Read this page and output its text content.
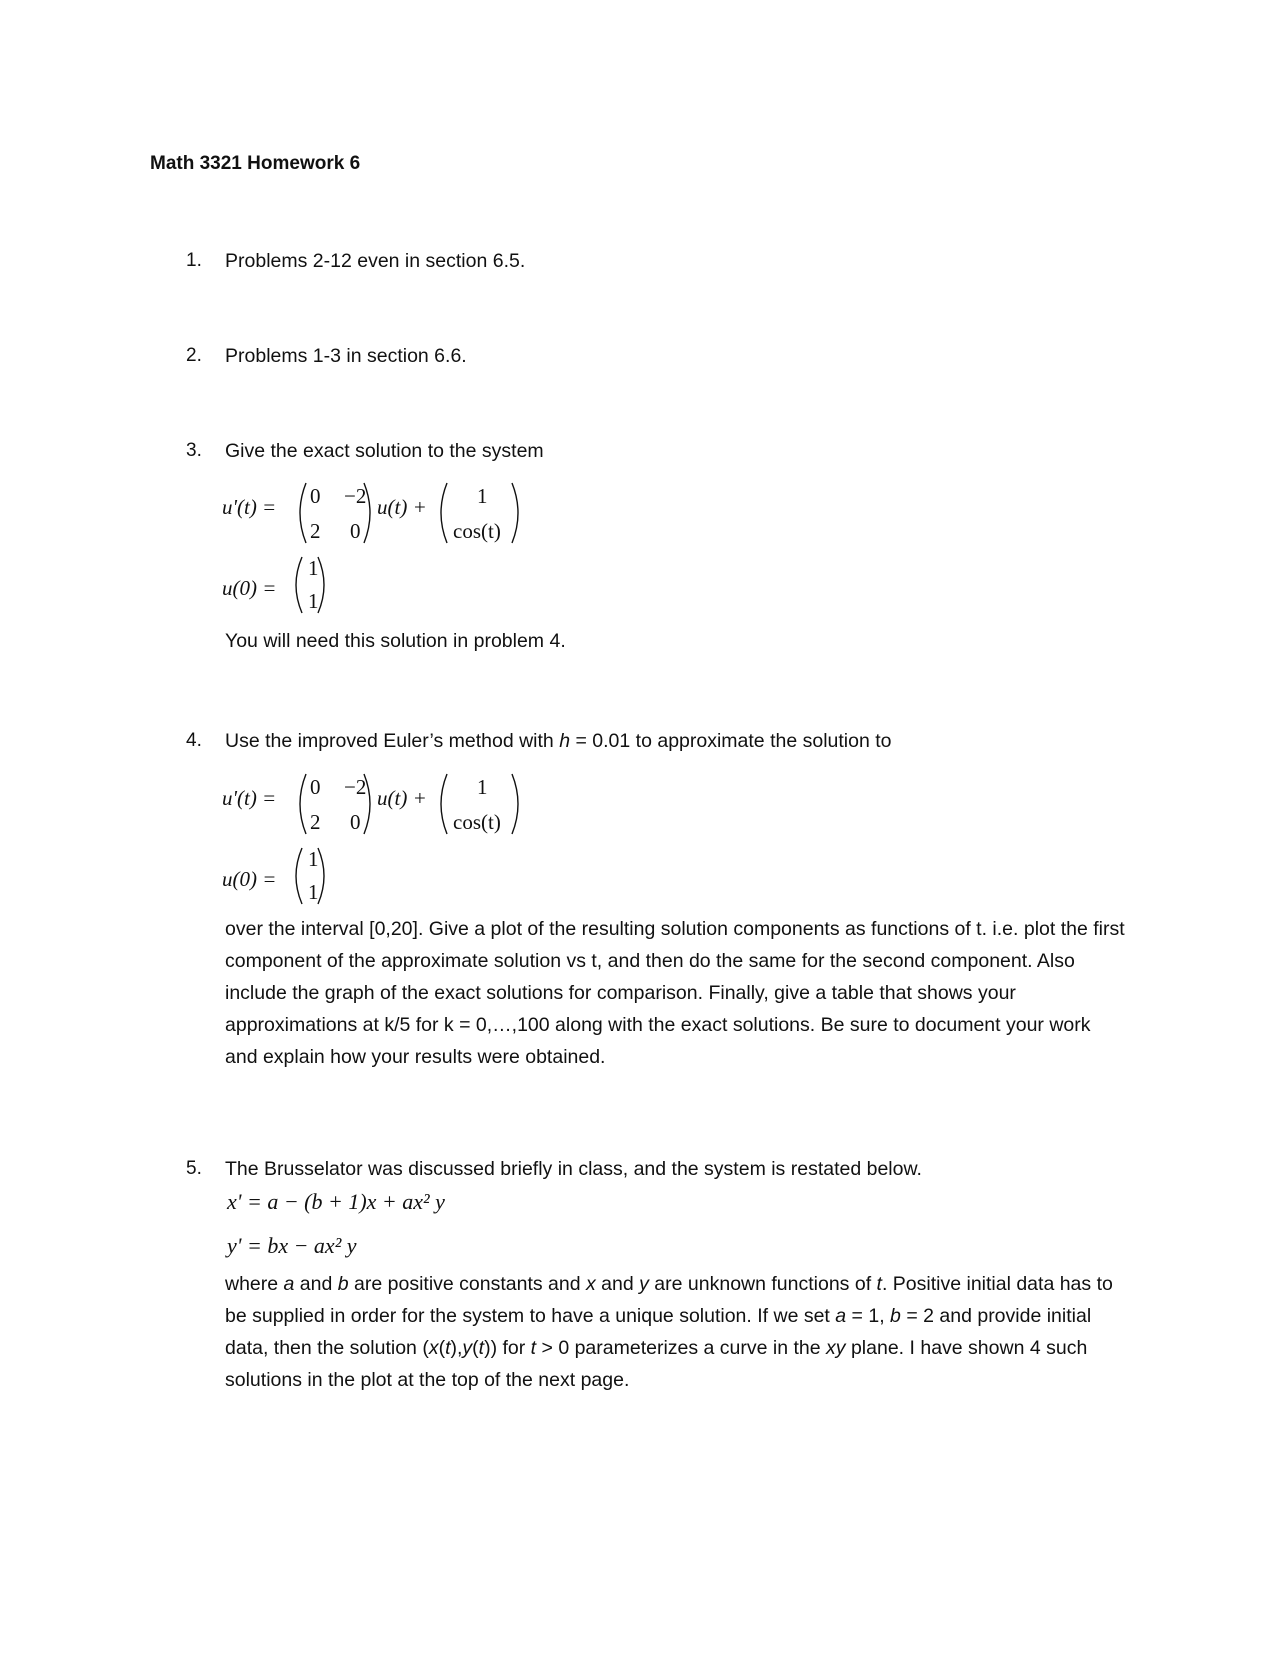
Math 3321 Homework 6
1. Problems 2-12 even in section 6.5.
2. Problems 1-3 in section 6.6.
3. Give the exact solution to the system
u'(t) = 0 −2
2 0
u(t) + 1
cos(t)
u(0) =
1
1
You will need this solution in problem 4.
4. Use the improved Euler’s method with h = 0.01 to approximate the solution to
u'(t) = 0 −2
2 0
u(t) + 1
cos(t)
u(0) =
1
1
over the interval [0,20]. Give a plot of the resulting solution components as functions of t. i.e. plot the first component of the approximate solution vs t, and then do the same for the second component. Also include the graph of the exact solutions for comparison. Finally, give a table that shows your approximations at k/5 for k = 0,…,100 along with the exact solutions. Be sure to document your work and explain how your results were obtained.
5. The Brusselator was discussed briefly in class, and the system is restated below.
x' = a − (b + 1)x + ax² y
y' = bx − ax² y
where a and b are positive constants and x and y are unknown functions of t. Positive initial data has to be supplied in order for the system to have a unique solution. If we set a = 1, b = 2 and provide initial data, then the solution (x(t),y(t)) for t > 0 parameterizes a curve in the xy plane. I have shown 4 such solutions in the plot at the top of the next page.
